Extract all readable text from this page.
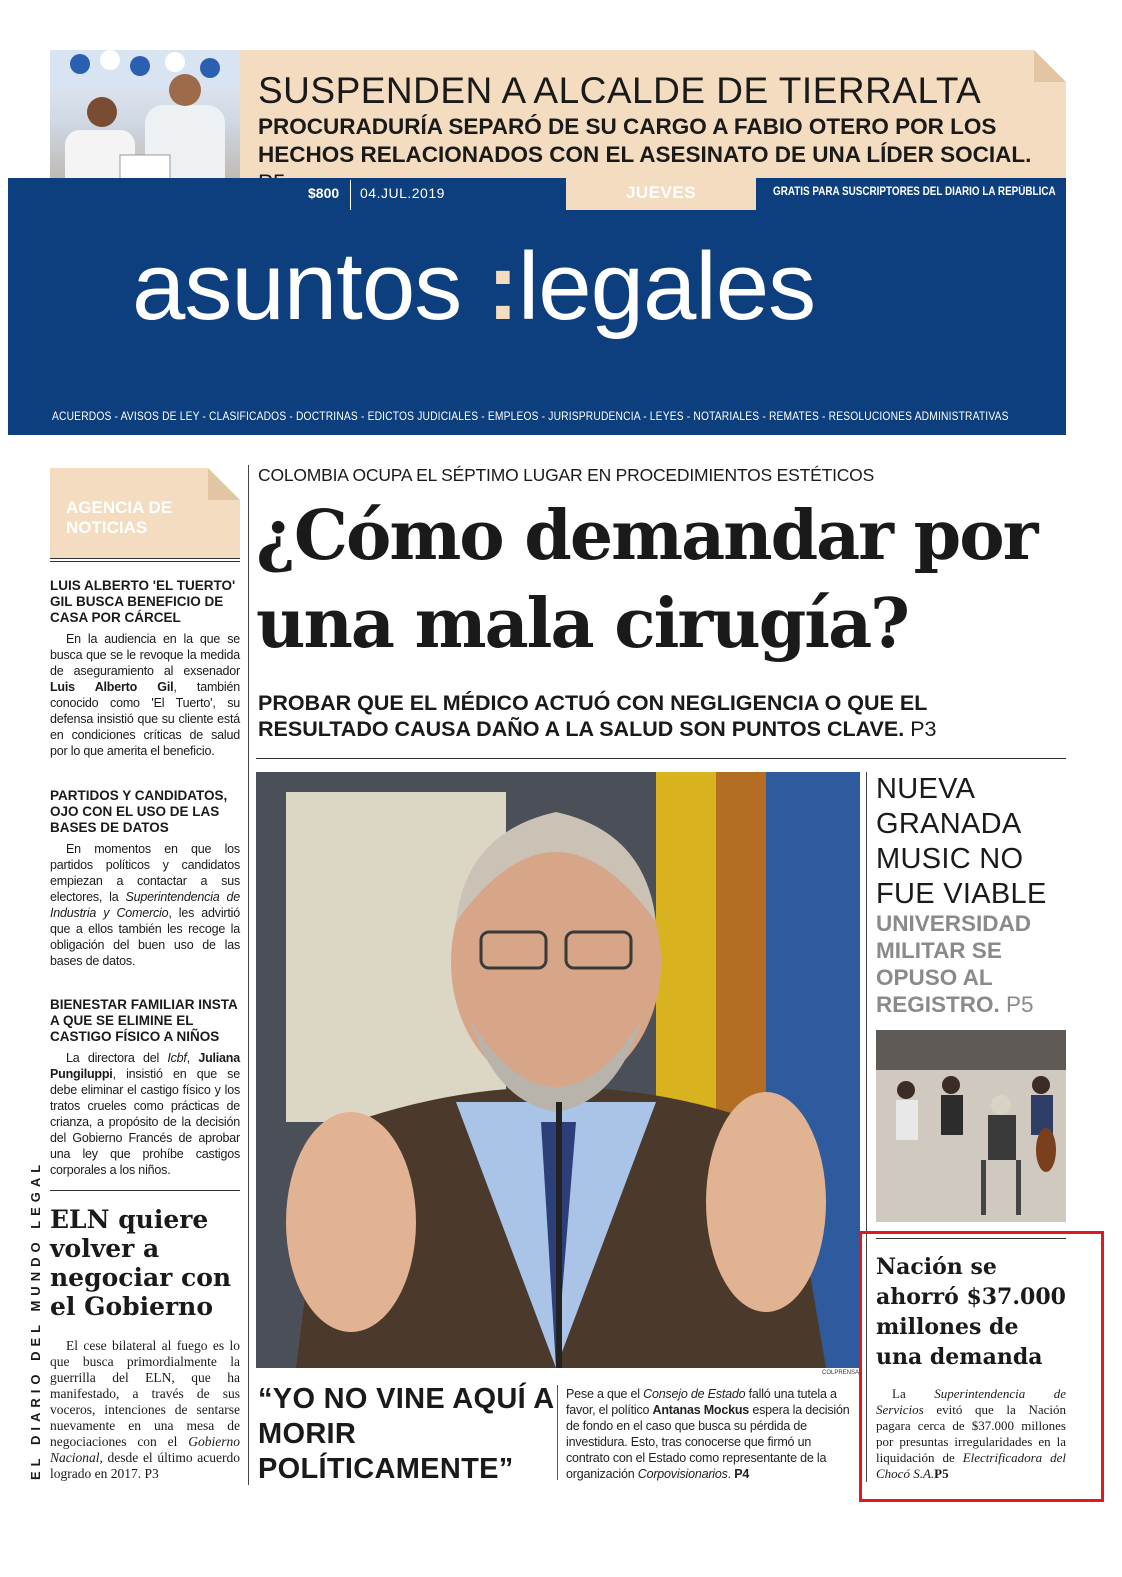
SUSPENDEN A ALCALDE DE TIERRALTA
PROCURADURÍA SEPARÓ DE SU CARGO A FABIO OTERO POR LOS HECHOS RELACIONADOS CON EL ASESINATO DE UNA LÍDER SOCIAL.
$800 04.JUL.2019	JUEVES	GRATIS PARA SUSCRIPTORES DEL DIARIO LA REPÚBLICA
asuntos :legales
ACUERDOS - AVISOS DE LEY - CLASIFICADOS - DOCTRINAS - EDICTOS JUDICIALES - EMPLEOS - JURISPRUDENCIA - LEYES - NOTARIALES - REMATES - RESOLUCIONES ADMINISTRATIVAS
AGENCIA DE NOTICIAS
LUIS ALBERTO 'EL TUERTO' GIL BUSCA BENEFICIO DE CASA POR CÁRCEL
En la audiencia en la que se busca que se le revoque la medida de aseguramiento al exsenador Luis Alberto Gil, también conocido como 'El Tuerto', su defensa insistió que su cliente está en condiciones críticas de salud por lo que amerita el beneficio.
PARTIDOS Y CANDIDATOS, OJO CON EL USO DE LAS BASES DE DATOS
En momentos en que los partidos políticos y candidatos empiezan a contactar a sus electores, la Superintendencia de Industria y Comercio, les advirtió que a ellos también les recoge la obligación del buen uso de las bases de datos.
BIENESTAR FAMILIAR INSTA A QUE SE ELIMINE EL CASTIGO FÍSICO A NIÑOS
La directora del Icbf, Juliana Pungiluppi, insistió en que se debe eliminar el castigo físico y los tratos crueles como prácticas de crianza, a propósito de la decisión del Gobierno Francés de aprobar una ley que prohíbe castigos corporales a los niños.
ELN quiere volver a negociar con el Gobierno
El cese bilateral al fuego es lo que busca primordialmente la guerrilla del ELN, que ha manifestado, a través de sus voceros, intenciones de sentarse nuevamente en una mesa de negociaciones con el Gobierno Nacional, desde el último acuerdo logrado en 2017. P3
EL DIARIO DEL MUNDO LEGAL
COLOMBIA OCUPA EL SÉPTIMO LUGAR EN PROCEDIMIENTOS ESTÉTICOS
¿Cómo demandar por una mala cirugía?
PROBAR QUE EL MÉDICO ACTUÓ CON NEGLIGENCIA O QUE EL RESULTADO CAUSA DAÑO A LA SALUD SON PUNTOS CLAVE. P3
COLPRENSA
“YO NO VINE AQUÍ A MORIR POLÍTICAMENTE”
Pese a que el Consejo de Estado falló una tutela a favor, el político Antanas Mockus espera la decisión de fondo en el caso que busca su pérdida de investidura. Esto, tras conocerse que firmó un contrato con el Estado como representante de la organización Corpovisionarios. P4
NUEVA GRANADA MUSIC NO FUE VIABLE
UNIVERSIDAD MILITAR SE OPUSO AL REGISTRO. P5
Nación se ahorró $37.000 millones de una demanda
La Superintendencia de Servicios evitó que la Nación pagara cerca de $37.000 millones por presuntas irregularidades en la liquidación de Electrificadora del Chocó S.A.P5
